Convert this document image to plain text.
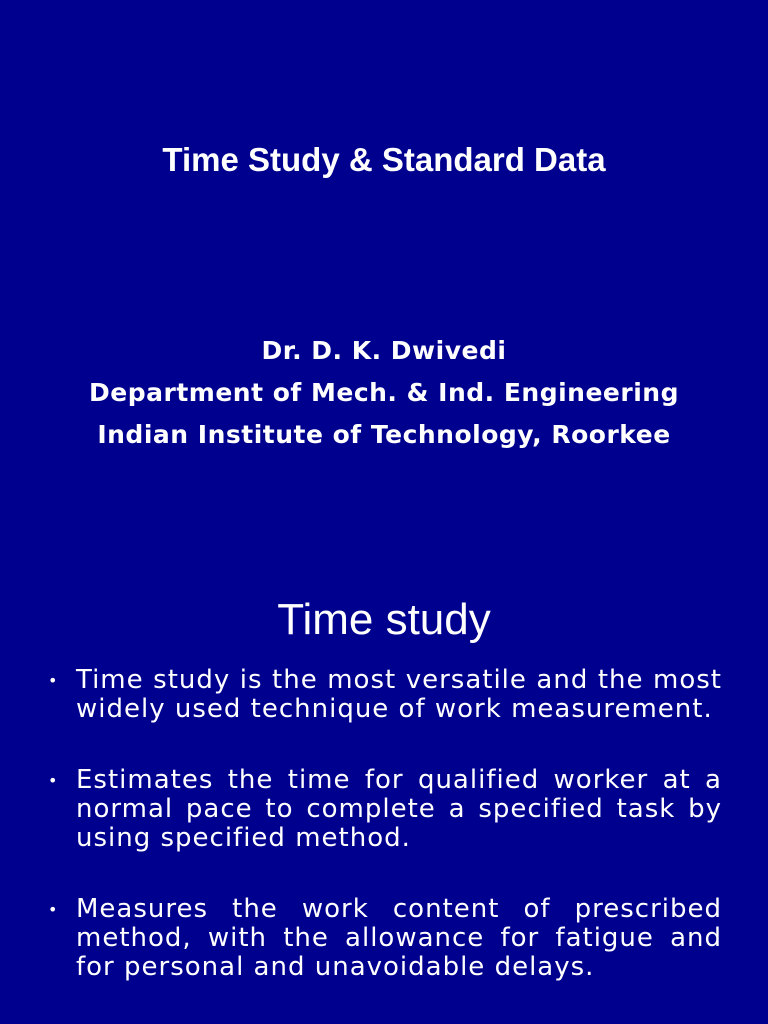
Time Study & Standard Data
Dr. D. K. Dwivedi
Department of Mech. & Ind. Engineering
Indian Institute of Technology, Roorkee
Time study
• Time study is the most versatile and the most widely used technique of work measurement.
• Estimates the time for qualified worker at a normal pace to complete a specified task by using specified method.
• Measures the work content of prescribed method, with the allowance for fatigue and for personal and unavoidable delays.
